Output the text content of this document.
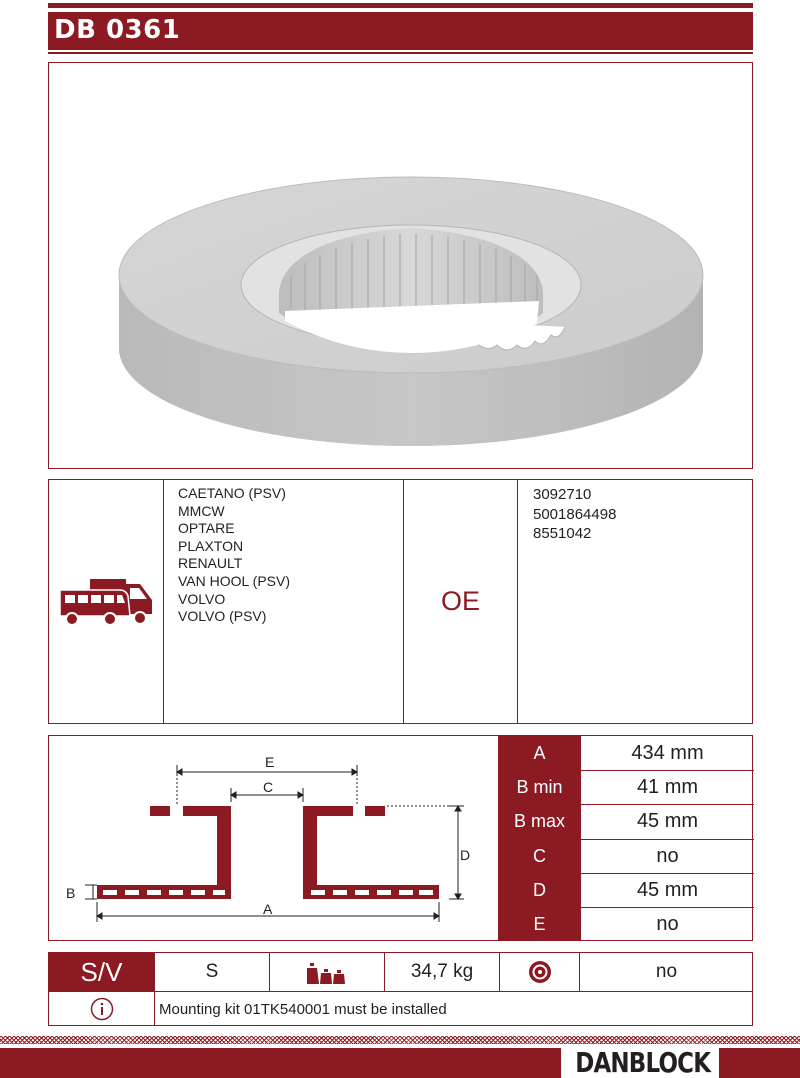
DB 0361
CAETANO (PSV)
MMCW
OPTARE
PLAXTON
RENAULT
VAN HOOL (PSV)
VOLVO
VOLVO (PSV)
OE
3092710
5001864498
8551042
E
C
D
B
A
A	434 mm
B min	41 mm
B max	45 mm
C	no
D	45 mm
E	no
S/V	S	34,7 kg	no
Mounting kit 01TK540001 must be installed
DANBLOCK
